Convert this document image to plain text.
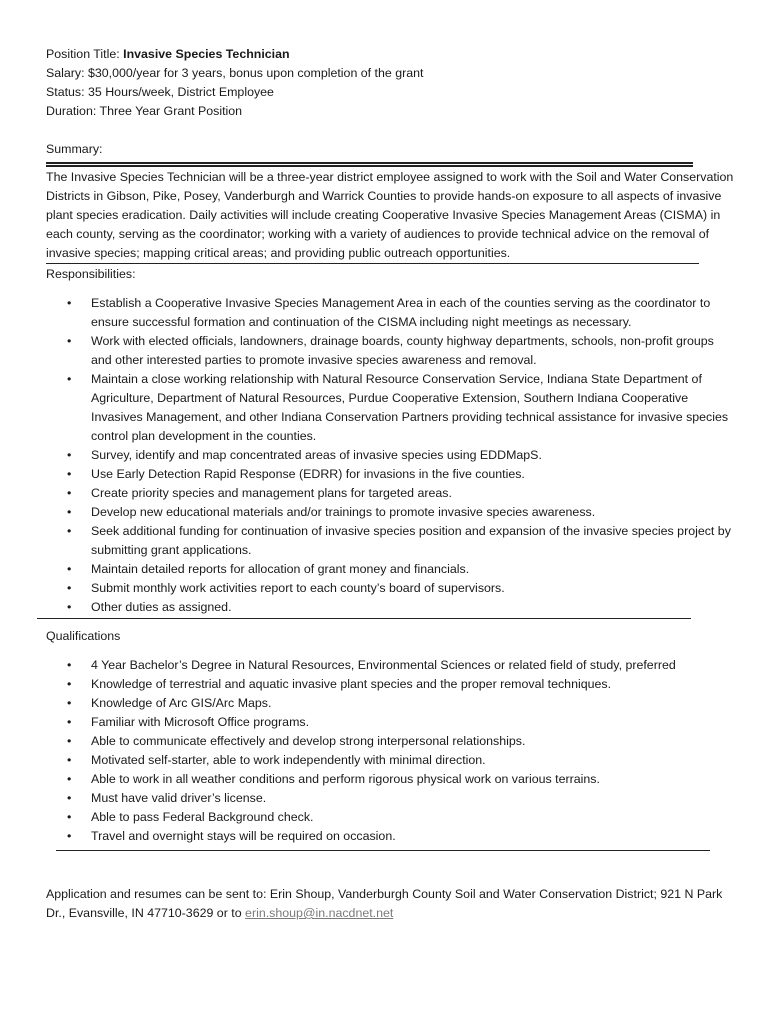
Position Title: Invasive Species Technician
Salary: $30,000/year for 3 years, bonus upon completion of the grant
Status: 35 Hours/week, District Employee
Duration: Three Year Grant Position
Summary:

The Invasive Species Technician will be a three-year district employee assigned to work with the Soil and Water Conservation Districts in Gibson, Pike, Posey, Vanderburgh and Warrick Counties to provide hands-on exposure to all aspects of invasive plant species eradication. Daily activities will include creating Cooperative Invasive Species Management Areas (CISMA) in each county, serving as the coordinator; working with a variety of audiences to provide technical advice on the removal of invasive species; mapping critical areas; and providing public outreach opportunities.

Responsibilities:
• Establish a Cooperative Invasive Species Management Area in each of the counties serving as the coordinator to ensure successful formation and continuation of the CISMA including night meetings as necessary.
• Work with elected officials, landowners, drainage boards, county highway departments, schools, non-profit groups and other interested parties to promote invasive species awareness and removal.
• Maintain a close working relationship with Natural Resource Conservation Service, Indiana State Department of Agriculture, Department of Natural Resources, Purdue Cooperative Extension, Southern Indiana Cooperative Invasives Management, and other Indiana Conservation Partners providing technical assistance for invasive species control plan development in the counties.
• Survey, identify and map concentrated areas of invasive species using EDDMapS.
• Use Early Detection Rapid Response (EDRR) for invasions in the five counties.
• Create priority species and management plans for targeted areas.
• Develop new educational materials and/or trainings to promote invasive species awareness.
• Seek additional funding for continuation of invasive species position and expansion of the invasive species project by submitting grant applications.
• Maintain detailed reports for allocation of grant money and financials.
• Submit monthly work activities report to each county’s board of supervisors.
• Other duties as assigned.
Qualifications
• 4 Year Bachelor’s Degree in Natural Resources, Environmental Sciences or related field of study, preferred
• Knowledge of terrestrial and aquatic invasive plant species and the proper removal techniques.
• Knowledge of Arc GIS/Arc Maps.
• Familiar with Microsoft Office programs.
• Able to communicate effectively and develop strong interpersonal relationships.
• Motivated self-starter, able to work independently with minimal direction.
• Able to work in all weather conditions and perform rigorous physical work on various terrains.
• Must have valid driver’s license.
• Able to pass Federal Background check.
• Travel and overnight stays will be required on occasion.

Application and resumes can be sent to: Erin Shoup, Vanderburgh County Soil and Water Conservation District; 921 N Park Dr., Evansville, IN 47710-3629 or to erin.shoup@in.nacdnet.net
